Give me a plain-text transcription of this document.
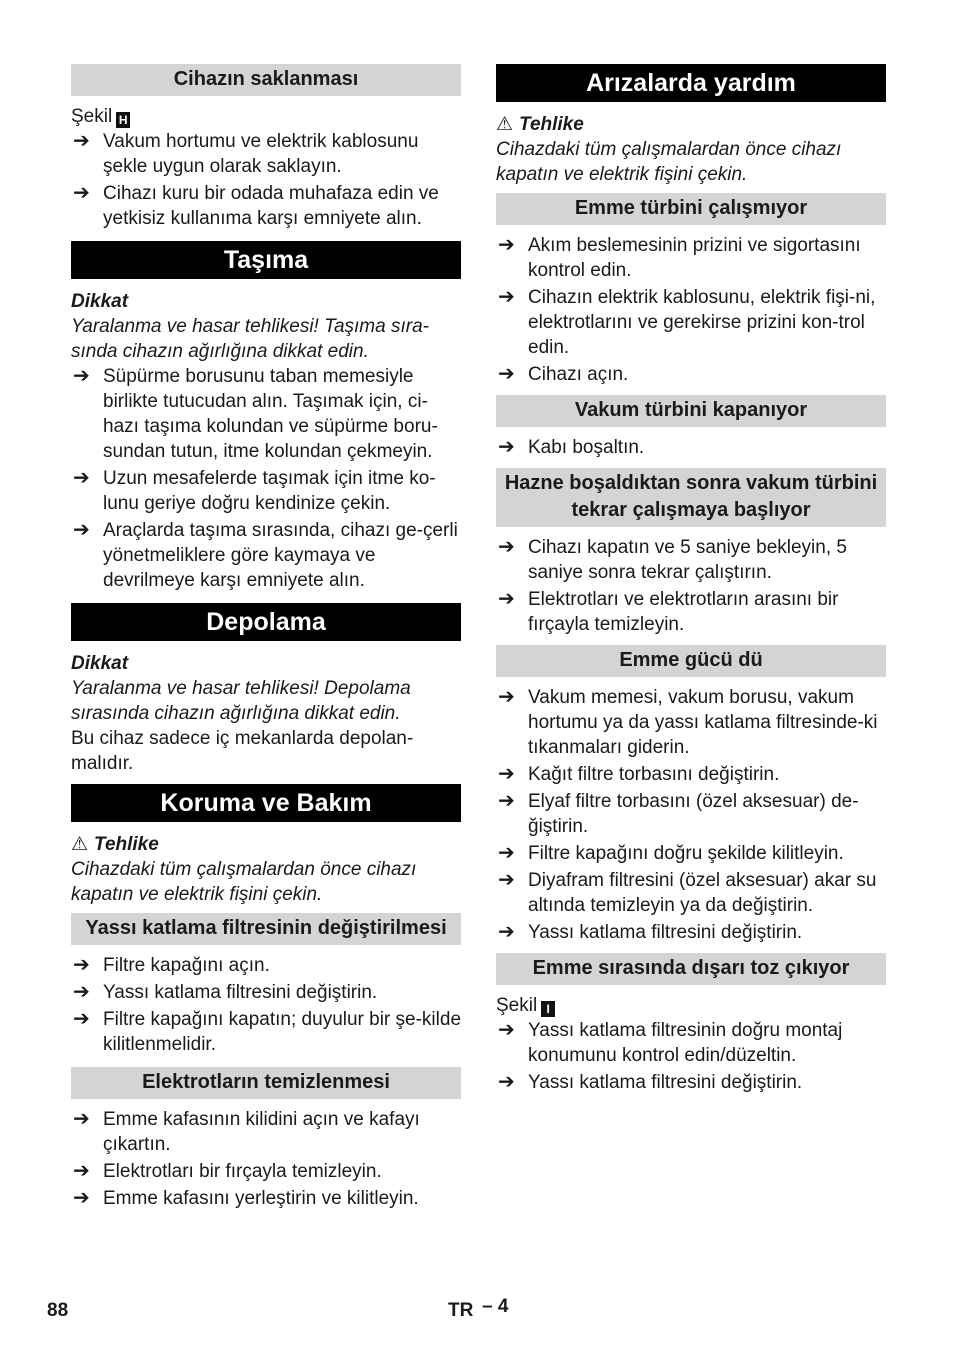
Cihazın saklanması

Şekil H

➔ Vakum hortumu ve elektrik kablosunu şekle uygun olarak saklayın.
➔ Cihazı kuru bir odada muhafaza edin ve yetkisiz kullanıma karşı emniyete alın.
Taşıma

Dikkat

Yaralanma ve hasar tehlikesi! Taşıma sıra-sında cihazın ağırlığına dikkat edin.

➔ Süpürme borusunu taban memesiyle birlikte tutucudan alın. Taşımak için, ci-hazı taşıma kolundan ve süpürme boru-sundan tutun, itme kolundan çekmeyin.
➔ Uzun mesafelerde taşımak için itme ko-lunu geriye doğru kendinize çekin.
➔ Araçlarda taşıma sırasında, cihazı ge-çerli yönetmeliklere göre kaymaya ve devrilmeye karşı emniyete alın.
Depolama

Dikkat

Yaralanma ve hasar tehlikesi! Depolama sırasında cihazın ağırlığına dikkat edin.

Bu cihaz sadece iç mekanlarda depolan-malıdır.

Koruma ve Bakım

⚠ Tehlike

Cihazdaki tüm çalışmalardan önce cihazı kapatın ve elektrik fişini çekin.

Yassı katlama filtresinin değiştirilmesi
➔ Filtre kapağını açın.
➔ Yassı katlama filtresini değiştirin.
➔ Filtre kapağını kapatın; duyulur bir şe-kilde kilitlenmelidir.
Elektrotların temizlenmesi
➔ Emme kafasının kilidini açın ve kafayı çıkartın.
➔ Elektrotları bir fırçayla temizleyin.
➔ Emme kafasını yerleştirin ve kilitleyin.
Arızalarda yardım

⚠ Tehlike

Cihazdaki tüm çalışmalardan önce cihazı kapatın ve elektrik fişini çekin.

Emme türbini çalışmıyor
➔ Akım beslemesinin prizini ve sigortasını kontrol edin.
➔ Cihazın elektrik kablosunu, elektrik fişi-ni, elektrotlarını ve gerekirse prizini kon-trol edin.
➔ Cihazı açın.
Vakum türbini kapanıyor
➔ Kabı boşaltın.
Hazne boşaldıktan sonra vakum türbini tekrar çalışmaya başlıyor
➔ Cihazı kapatın ve 5 saniye bekleyin, 5 saniye sonra tekrar çalıştırın.
➔ Elektrotları ve elektrotların arasını bir fırçayla temizleyin.
Emme gücü dü
➔ Vakum memesi, vakum borusu, vakum hortumu ya da yassı katlama filtresinde-ki tıkanmaları giderin.
➔ Kağıt filtre torbasını değiştirin.
➔ Elyaf filtre torbasını (özel aksesuar) de-ğiştirin.
➔ Filtre kapağını doğru şekilde kilitleyin.
➔ Diyafram filtresini (özel aksesuar) akar su altında temizleyin ya da değiştirin.
➔ Yassı katlama filtresini değiştirin.
Emme sırasında dışarı toz çıkıyor

Şekil I

➔ Yassı katlama filtresinin doğru montaj konumunu kontrol edin/düzeltin.
➔ Yassı katlama filtresini değiştirin.
88	TR – 4
